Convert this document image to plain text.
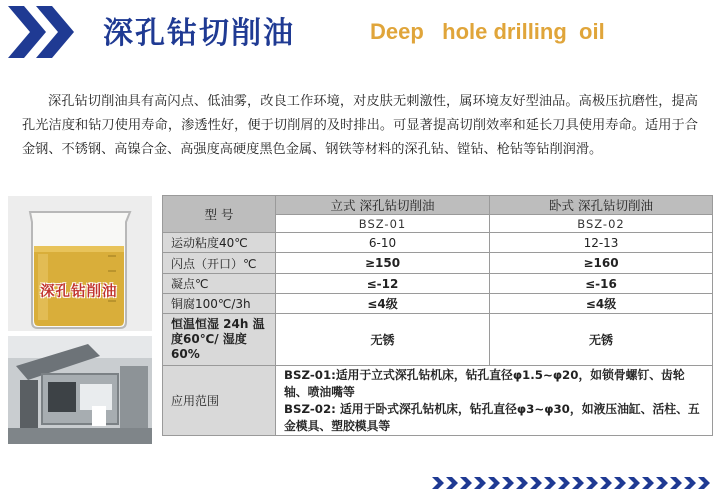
深孔钻切削油	Deep   hole drilling  oil

深孔钻切削油具有高闪点、低油雾，改良工作环境，对皮肤无刺激性，属环境友好型油品。高极压抗磨性，提高孔光洁度和钻刀使用寿命，渗透性好，便于切削屑的及时排出。可显著提高切削效率和延长刀具使用寿命。适用于合金钢、不锈钢、高镍合金、高强度高硬度黑色金属、钢铁等材料的深孔钻、镗钻、枪钻等钻削润滑。

深孔钻削油
型 号	立式 深孔钻切削油	卧式 深孔钻切削油
	BSZ-01	BSZ-02
运动粘度40℃	6-10	12-13
闪点（开口）℃	≥150	≥160
凝点℃	≤-12	≤-16
铜腐100℃/3h	≤4级	≤4级
恒温恒湿 24h 温度60℃/ 湿度60%	无锈	无锈
应用范围	BSZ-01:适用于立式深孔钻机床，钻孔直径φ1.5~φ20，如锁骨螺钉、齿轮轴、喷油嘴等
BSZ-02: 适用于卧式深孔钻机床，钻孔直径φ3~φ30，如液压油缸、活柱、五金模具、塑胶模具等	
